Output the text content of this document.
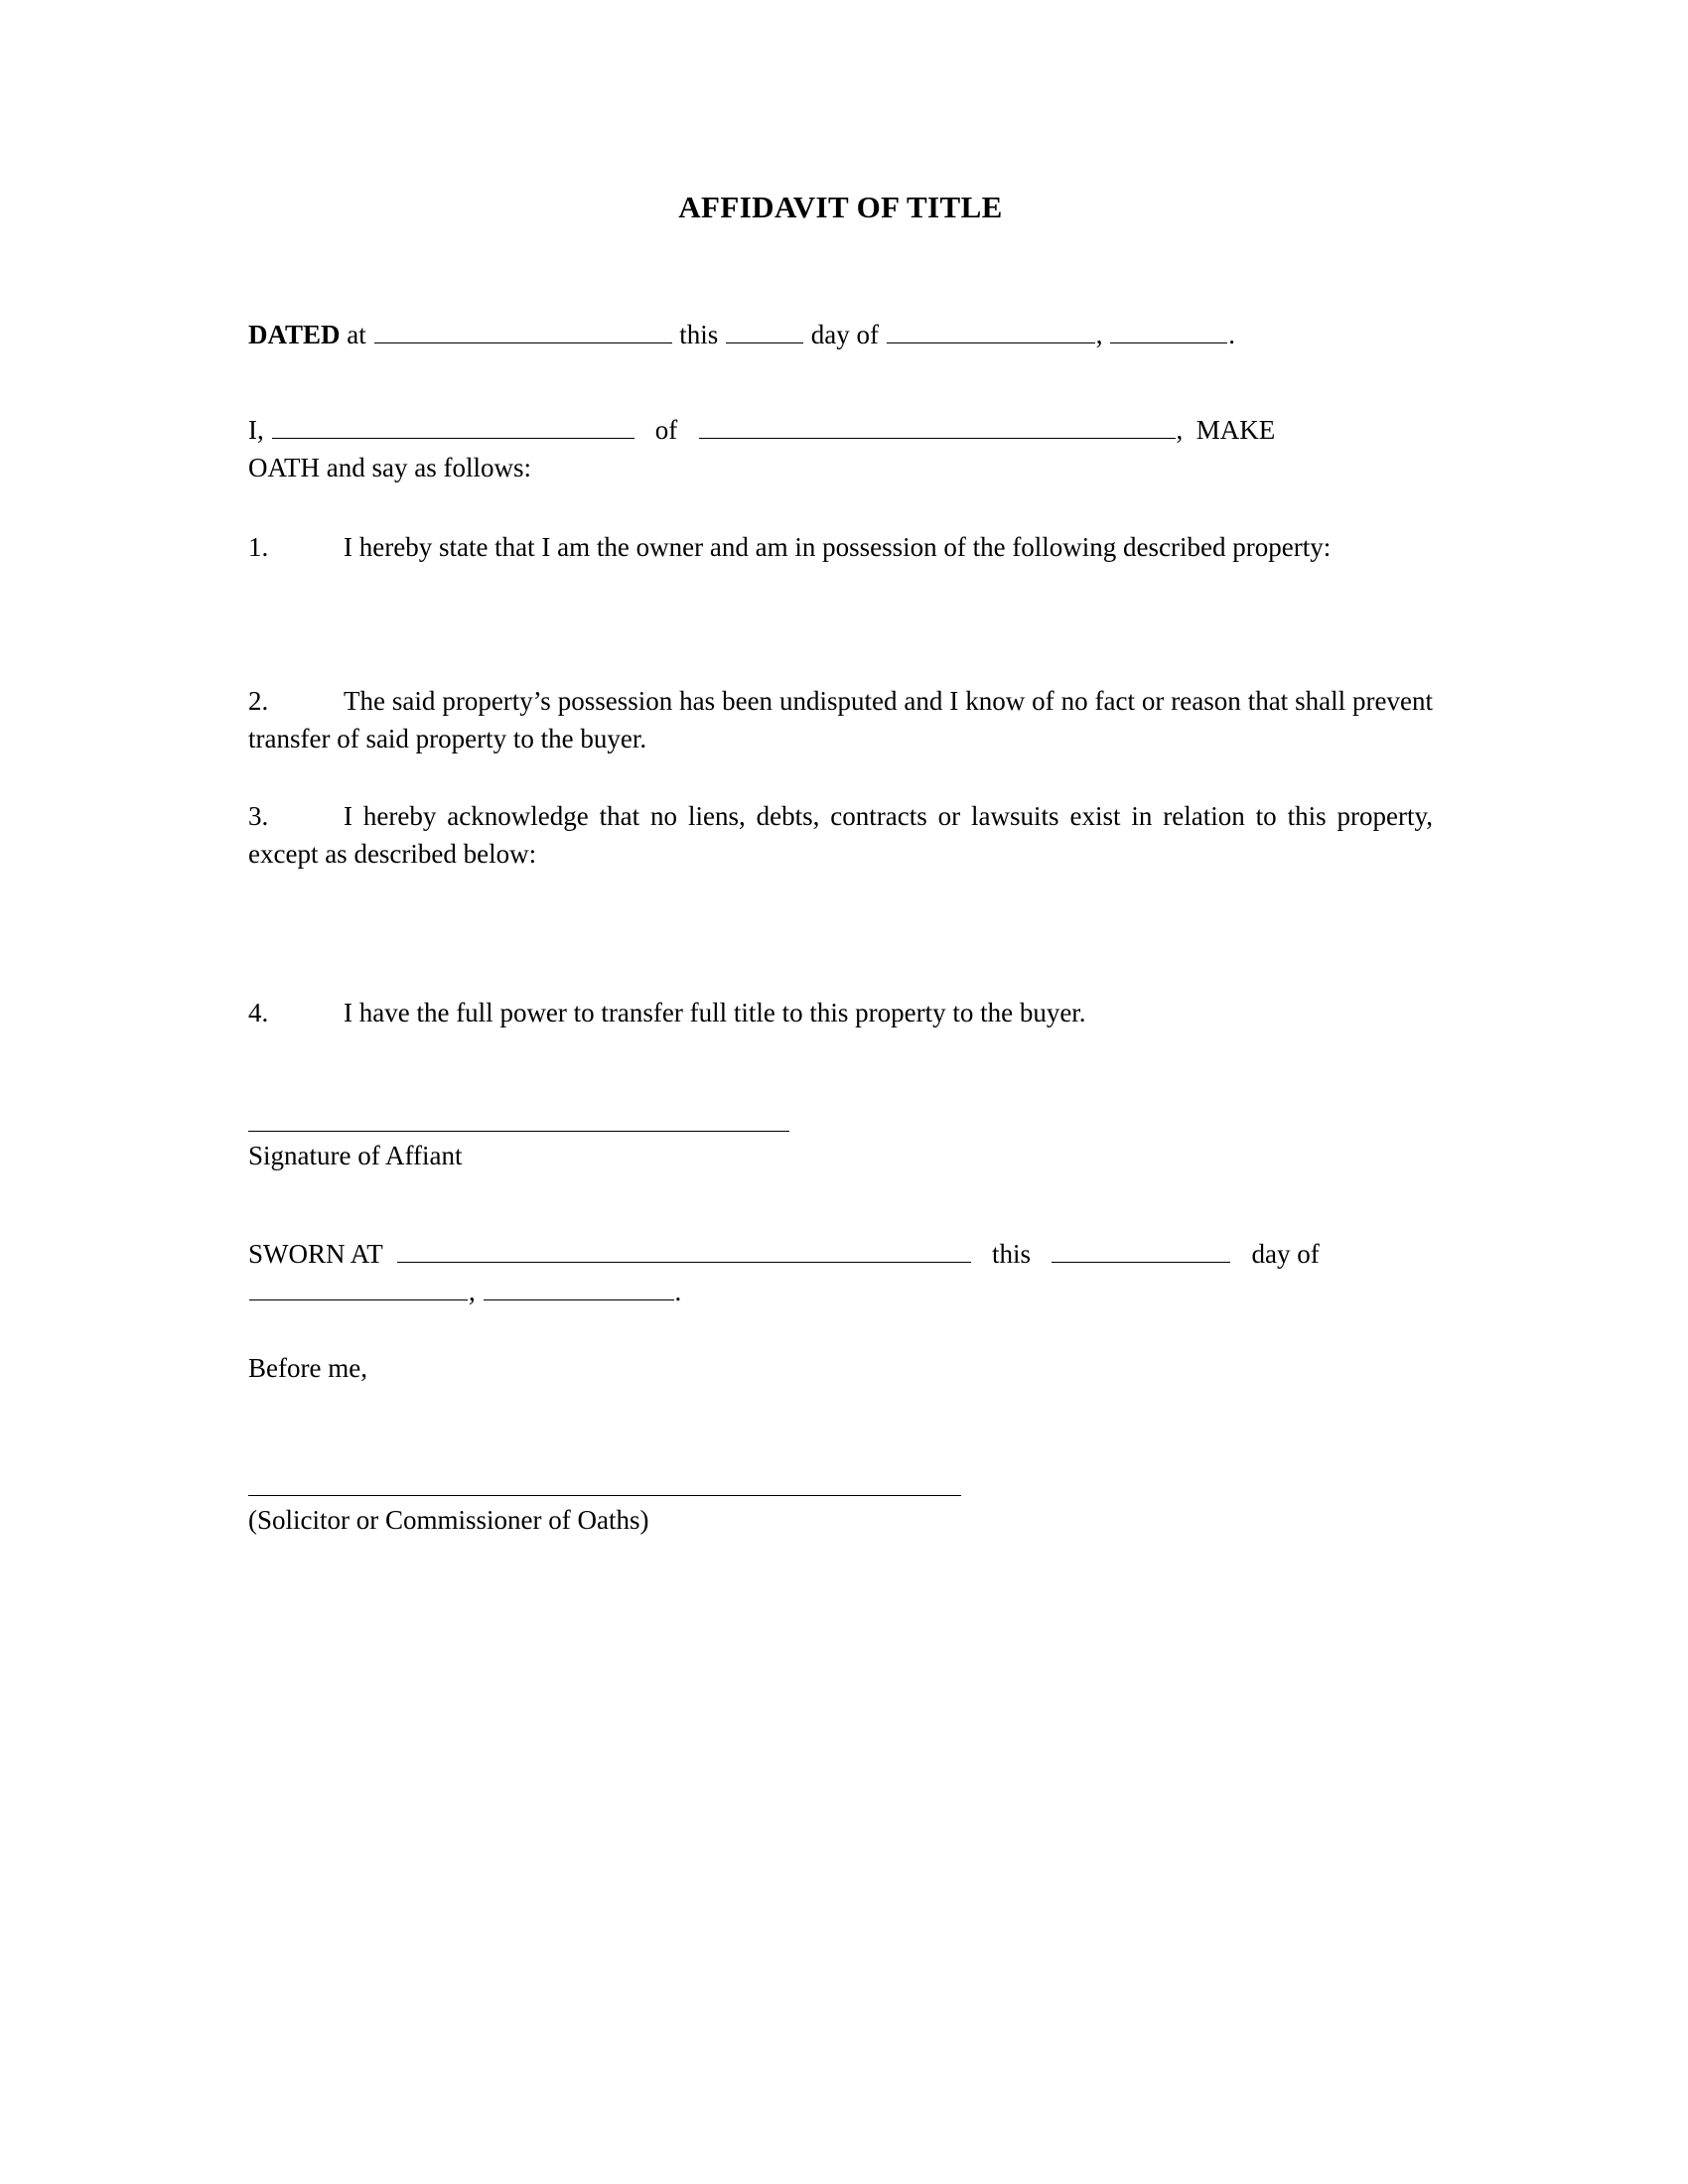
AFFIDAVIT OF TITLE

DATED at	this	day of	,	.

I,	of	, MAKE
OATH and say as follows:

1.	I hereby state that I am the owner and am in possession of the following described property:

2.	The said property’s possession has been undisputed and I know of no fact or reason that shall prevent transfer of said property to the buyer.

3.	I hereby acknowledge that no liens, debts, contracts or lawsuits exist in relation to this property, except as described below:

4.	I have the full power to transfer full title to this property to the buyer.

Signature of Affiant

SWORN AT	this	day of
,	.

Before me,

(Solicitor or Commissioner of Oaths)
